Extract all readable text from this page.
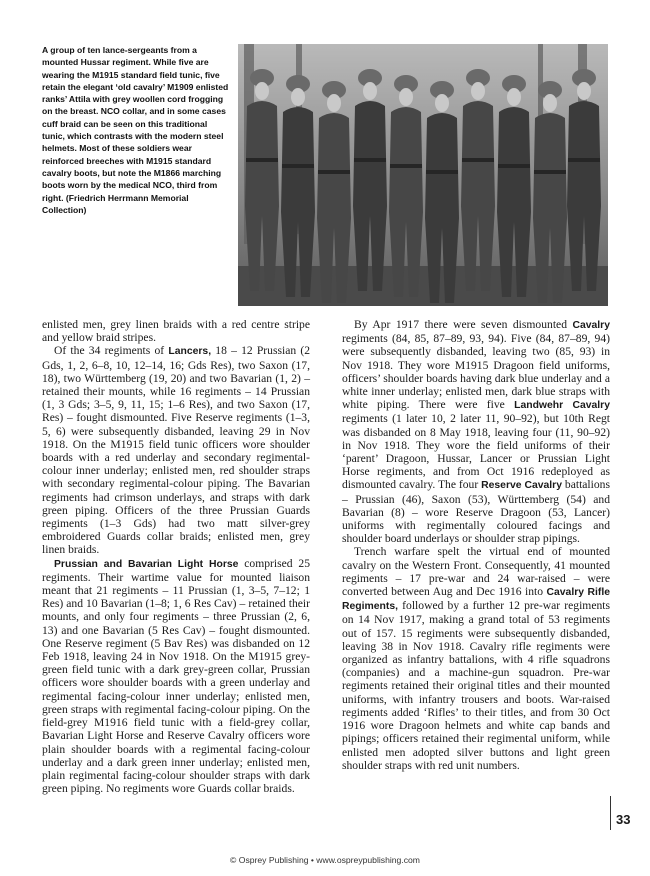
A group of ten lance-sergeants from a mounted Hussar regiment. While five are wearing the M1915 standard field tunic, five retain the elegant ‘old cavalry’ M1909 enlisted ranks’ Attila with grey woollen cord frogging on the breast. NCO collar, and in some cases cuff braid can be seen on this traditional tunic, which contrasts with the modern steel helmets. Most of these soldiers wear reinforced breeches with M1915 standard cavalry boots, but note the M1866 marching boots worn by the medical NCO, third from right. (Friedrich Herrmann Memorial Collection)

enlisted men, grey linen braids with a red centre stripe and yellow braid stripes.

Of the 34 regiments of Lancers, 18 – 12 Prussian (2 Gds, 1, 2, 6–8, 10, 12–14, 16; Gds Res), two Saxon (17, 18), two Württemberg (19, 20) and two Bavarian (1, 2) – retained their mounts, while 16 regiments – 14 Prussian (1, 3 Gds; 3–5, 9, 11, 15; 1–6 Res), and two Saxon (17, Res) – fought dismounted. Five Reserve regiments (1–3, 5, 6) were subsequently disbanded, leaving 29 in Nov 1918. On the M1915 field tunic officers wore shoulder boards with a red underlay and secondary regimental-colour inner underlay; enlisted men, red shoulder straps with secondary regimental-colour piping. The Bavarian regiments had crimson underlays, and straps with dark green piping. Officers of the three Prussian Guards regiments (1–3 Gds) had two matt silver-grey embroidered Guards collar braids; enlisted men, grey linen braids.

Prussian and Bavarian Light Horse comprised 25 regiments. Their wartime value for mounted liaison meant that 21 regiments – 11 Prussian (1, 3–5, 7–12; 1 Res) and 10 Bavarian (1–8; 1, 6 Res Cav) – retained their mounts, and only four regiments – three Prussian (2, 6, 13) and one Bavarian (5 Res Cav) – fought dismounted. One Reserve regiment (5 Bav Res) was disbanded on 12 Feb 1918, leaving 24 in Nov 1918. On the M1915 grey-green field tunic with a dark grey-green collar, Prussian officers wore shoulder boards with a green underlay and regimental facing-colour inner underlay; enlisted men, green straps with regimental facing-colour piping. On the field-grey M1916 field tunic with a field-grey collar, Bavarian Light Horse and Reserve Cavalry officers wore plain shoulder boards with a regimental facing-colour underlay and a dark green inner underlay; enlisted men, plain regimental facing-colour shoulder straps with dark green piping. No regiments wore Guards collar braids.

By Apr 1917 there were seven dismounted Cavalry regiments (84, 85, 87–89, 93, 94). Five (84, 87–89, 94) were subsequently disbanded, leaving two (85, 93) in Nov 1918. They wore M1915 Dragoon field uniforms, officers’ shoulder boards having dark blue underlay and a white inner underlay; enlisted men, dark blue straps with white piping. There were five Landwehr Cavalry regiments (1 later 10, 2 later 11, 90–92), but 10th Regt was disbanded on 8 May 1918, leaving four (11, 90–92) in Nov 1918. They wore the field uniforms of their ‘parent’ Dragoon, Hussar, Lancer or Prussian Light Horse regiments, and from Oct 1916 redeployed as dismounted cavalry. The four Reserve Cavalry battalions – Prussian (46), Saxon (53), Württemberg (54) and Bavarian (8) – wore Reserve Dragoon (53, Lancer) uniforms with regimentally coloured facings and shoulder board underlays or shoulder strap pipings.

Trench warfare spelt the virtual end of mounted cavalry on the Western Front. Consequently, 41 mounted regiments – 17 pre-war and 24 war-raised – were converted between Aug and Dec 1916 into Cavalry Rifle Regiments, followed by a further 12 pre-war regiments on 14 Nov 1917, making a grand total of 53 regiments out of 157. 15 regiments were subsequently disbanded, leaving 38 in Nov 1918. Cavalry rifle regiments were organized as infantry battalions, with 4 rifle squadrons (companies) and a machine-gun squadron. Pre-war regiments retained their original titles and their mounted uniforms, with infantry trousers and boots. War-raised regiments added ‘Rifles’ to their titles, and from 30 Oct 1916 wore Dragoon helmets and white cap bands and pipings; officers retained their regimental uniform, while enlisted men adopted silver buttons and light green shoulder straps with red unit numbers.

33
© Osprey Publishing • www.ospreypublishing.com
